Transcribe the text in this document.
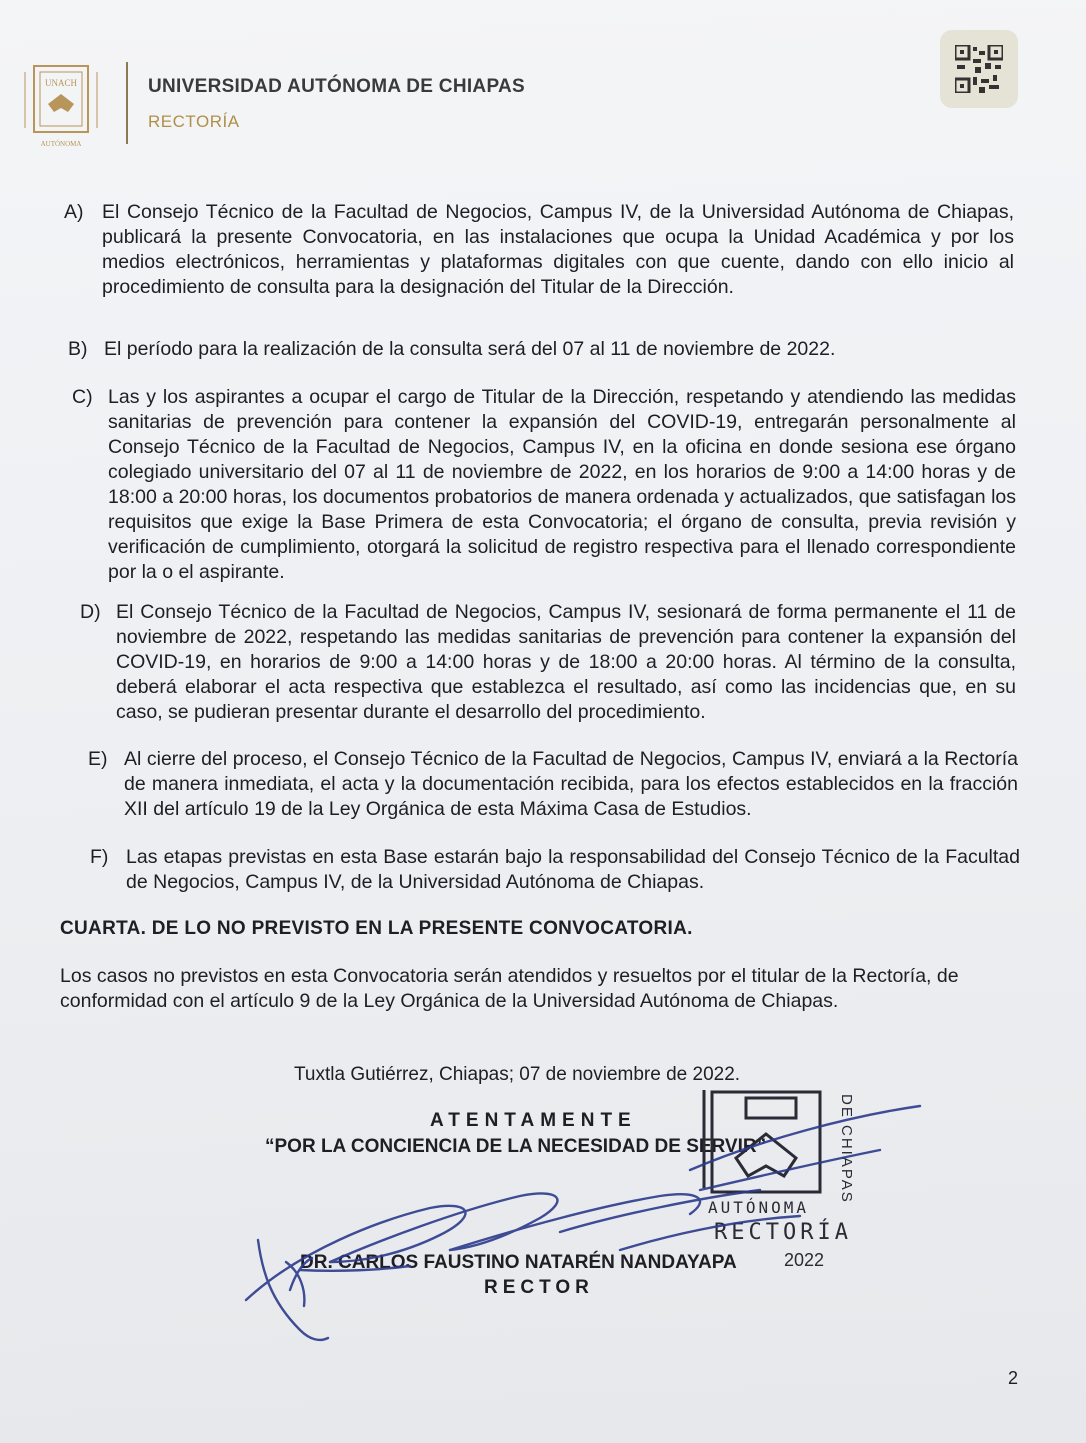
UNACH
AUTÓNOMA
UNIVERSIDAD AUTÓNOMA DE CHIAPAS
RECTORÍA
A) El Consejo Técnico de la Facultad de Negocios, Campus IV, de la Universidad Autónoma de Chiapas, publicará la presente Convocatoria, en las instalaciones que ocupa la Unidad Académica y por los medios electrónicos, herramientas y plataformas digitales con que cuente, dando con ello inicio al procedimiento de consulta para la designación del Titular de la Dirección.
B) El período para la realización de la consulta será del 07 al 11 de noviembre de 2022.
C) Las y los aspirantes a ocupar el cargo de Titular de la Dirección, respetando y atendiendo las medidas sanitarias de prevención para contener la expansión del COVID-19, entregarán personalmente al Consejo Técnico de la Facultad de Negocios, Campus IV, en la oficina en donde sesiona ese órgano colegiado universitario del 07 al 11 de noviembre de 2022, en los horarios de 9:00 a 14:00 horas y de 18:00 a 20:00 horas, los documentos probatorios de manera ordenada y actualizados, que satisfagan los requisitos que exige la Base Primera de esta Convocatoria; el órgano de consulta, previa revisión y verificación de cumplimiento, otorgará la solicitud de registro respectiva para el llenado correspondiente por la o el aspirante.
D) El Consejo Técnico de la Facultad de Negocios, Campus IV, sesionará de forma permanente el 11 de noviembre de 2022, respetando las medidas sanitarias de prevención para contener la expansión del COVID-19, en horarios de 9:00 a 14:00 horas y de 18:00 a 20:00 horas. Al término de la consulta, deberá elaborar el acta respectiva que establezca el resultado, así como las incidencias que, en su caso, se pudieran presentar durante el desarrollo del procedimiento.
E) Al cierre del proceso, el Consejo Técnico de la Facultad de Negocios, Campus IV, enviará a la Rectoría de manera inmediata, el acta y la documentación recibida, para los efectos establecidos en la fracción XII del artículo 19 de la Ley Orgánica de esta Máxima Casa de Estudios.
F) Las etapas previstas en esta Base estarán bajo la responsabilidad del Consejo Técnico de la Facultad de Negocios, Campus IV, de la Universidad Autónoma de Chiapas.
CUARTA. DE LO NO PREVISTO EN LA PRESENTE CONVOCATORIA.
Los casos no previstos en esta Convocatoria serán atendidos y resueltos por el titular de la Rectoría, de conformidad con el artículo 9 de la Ley Orgánica de la Universidad Autónoma de Chiapas.
Tuxtla Gutiérrez, Chiapas; 07 de noviembre de 2022.
ATENTAMENTE
“POR LA CONCIENCIA DE LA NECESIDAD DE SERVIR”	DE CHIAPAS
AUTÓNOMA
RECTORÍA
DR. CARLOS FAUSTINO NATARÉN NANDAYAPA	2022
RECTOR
2
